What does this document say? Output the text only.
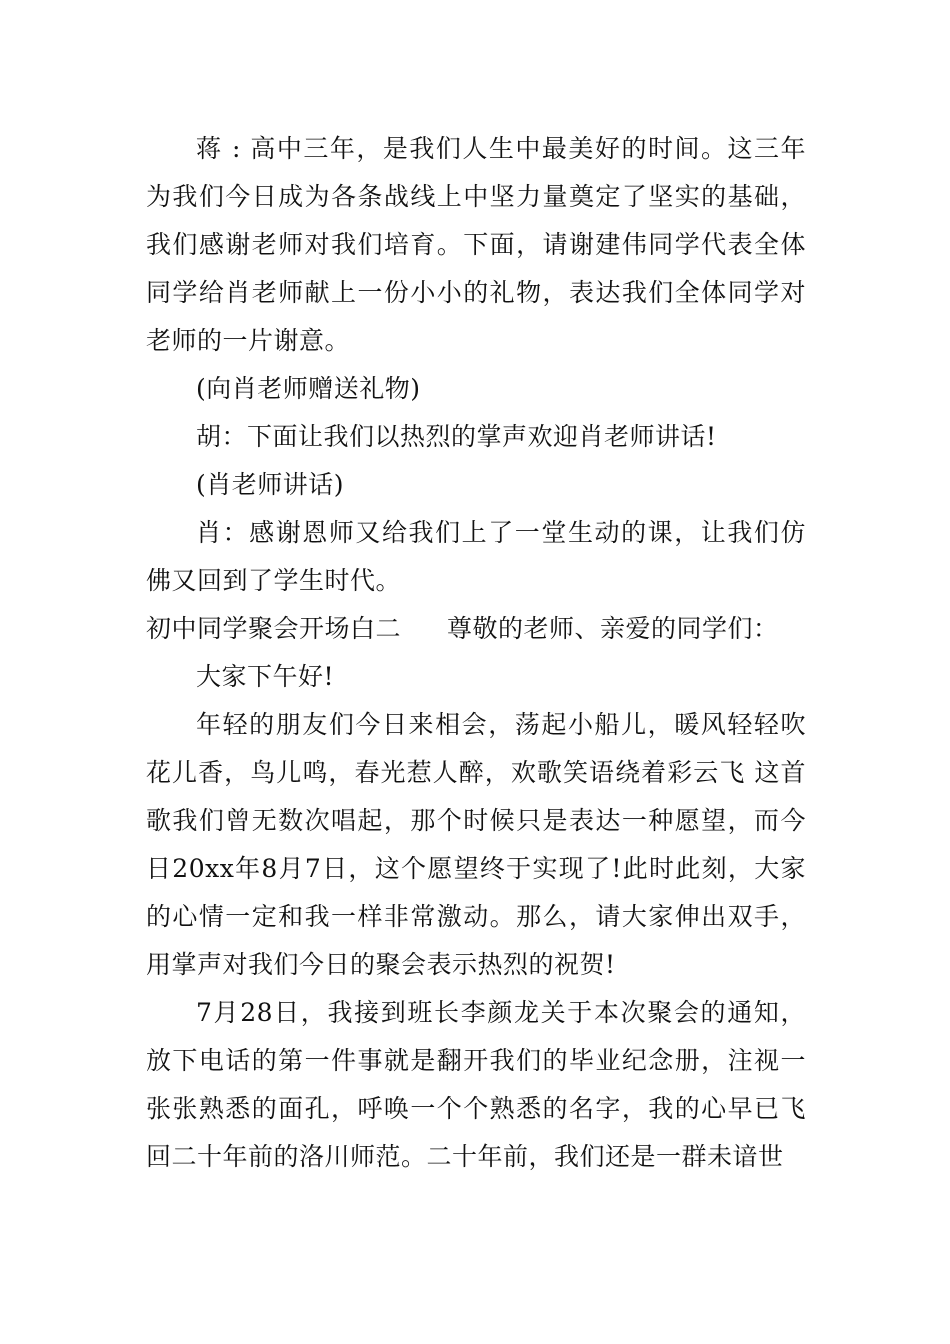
蒋 : 高中三年，是我们人生中最美好的时间。这三年为我们今日成为各条战线上中坚力量奠定了坚实的基础，我们感谢老师对我们培育。下面，请谢建伟同学代表全体同学给肖老师献上一份小小的礼物，表达我们全体同学对老师的一片谢意。

(向肖老师赠送礼物)

胡：下面让我们以热烈的掌声欢迎肖老师讲话!

(肖老师讲话)

肖：感谢恩师又给我们上了一堂生动的课，让我们仿佛又回到了学生时代。

初中同学聚会开场白二 尊敬的老师、亲爱的同学们：

大家下午好!

年轻的朋友们今日来相会，荡起小船儿，暖风轻轻吹花儿香，鸟儿鸣，春光惹人醉，欢歌笑语绕着彩云飞 这首歌我们曾无数次唱起，那个时候只是表达一种愿望，而今日20xx年8月7日，这个愿望终于实现了!此时此刻，大家的心情一定和我一样非常激动。那么，请大家伸出双手，用掌声对我们今日的聚会表示热烈的祝贺!

7月28日，我接到班长李颜龙关于本次聚会的通知，放下电话的第一件事就是翻开我们的毕业纪念册，注视一张张熟悉的面孔，呼唤一个个熟悉的名字，我的心早已飞回二十年前的洛川师范。二十年前，我们还是一群未谙世
